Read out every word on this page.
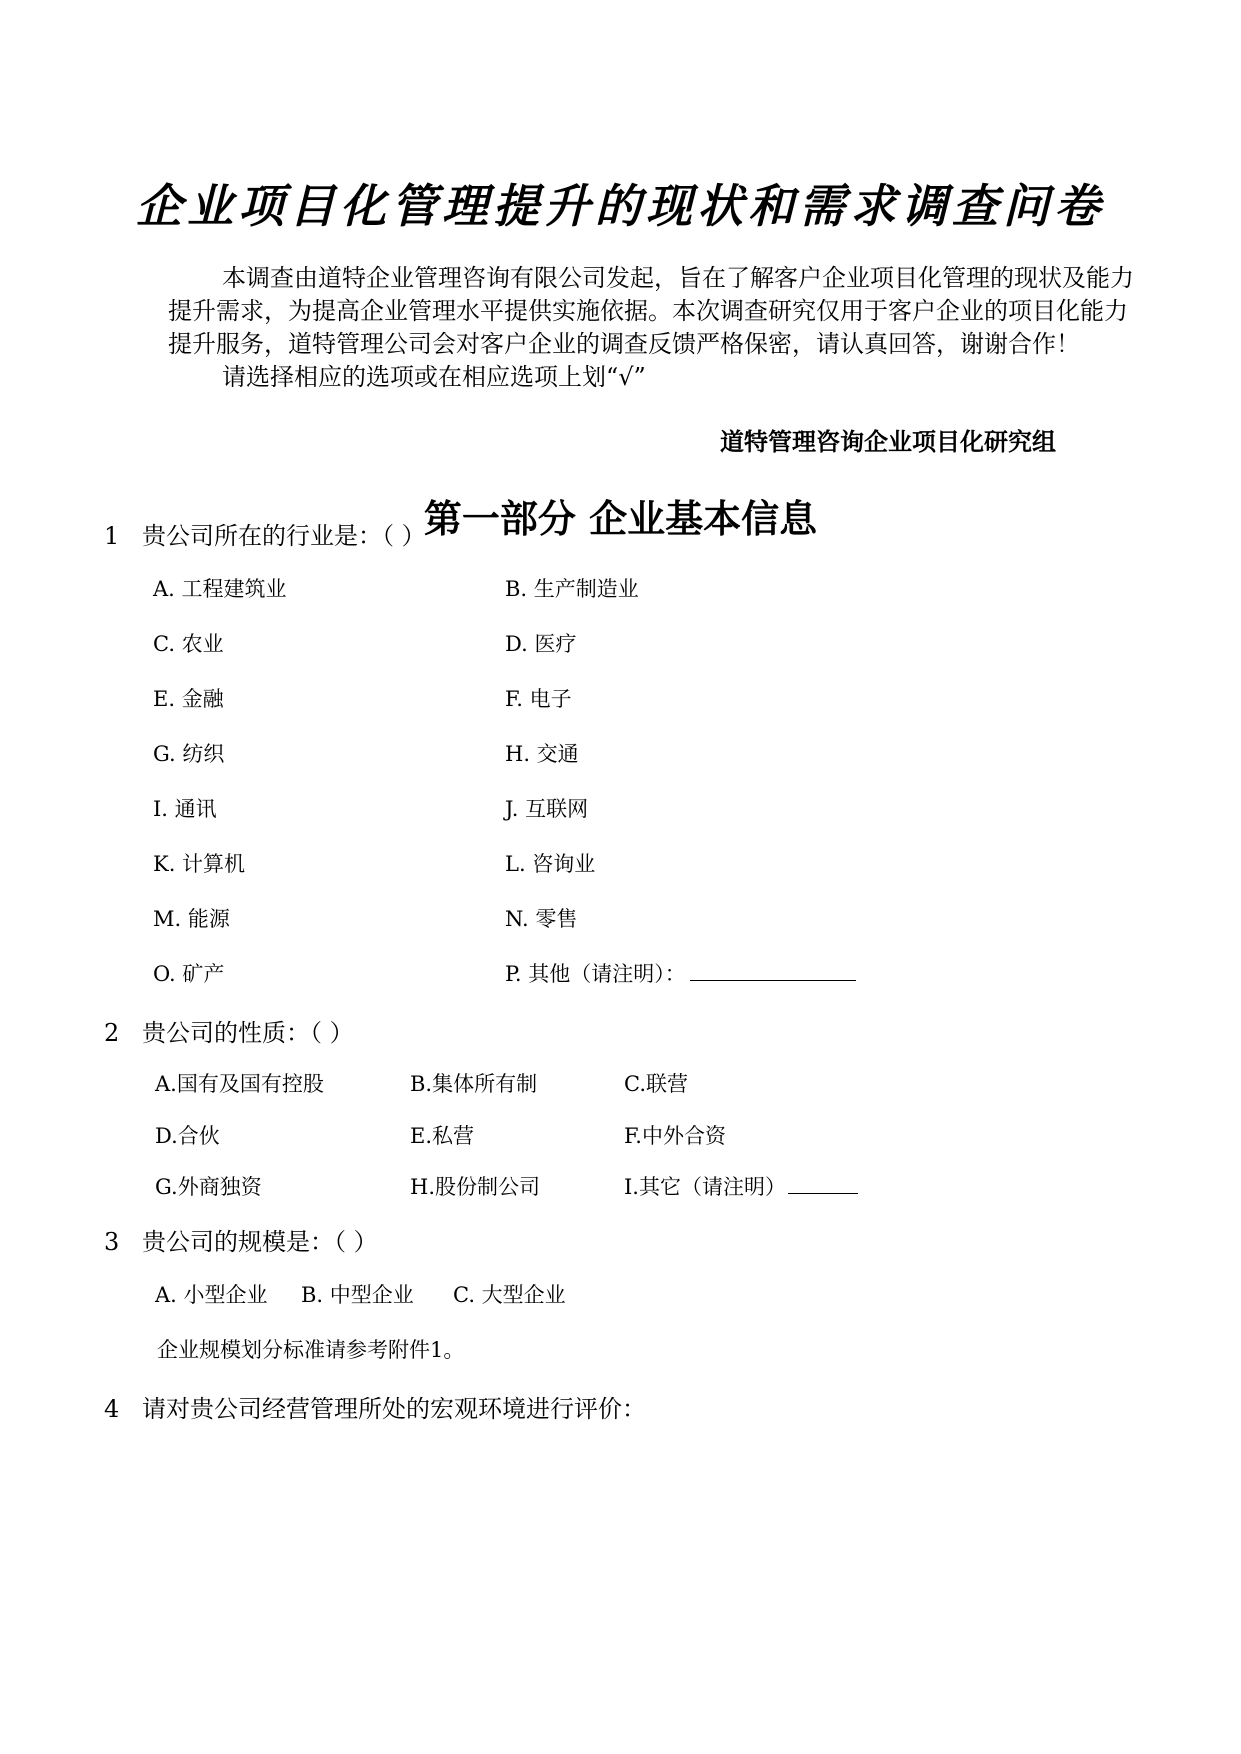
企业项目化管理提升的现状和需求调查问卷

本调查由道特企业管理咨询有限公司发起，旨在了解客户企业项目化管理的现状及能力提升需求，为提高企业管理水平提供实施依据。本次调查研究仅用于客户企业的项目化能力提升服务，道特管理公司会对客户企业的调查反馈严格保密，请认真回答，谢谢合作！

请选择相应的选项或在相应选项上划“√”

道特管理咨询企业项目化研究组
第一部分 企业基本信息
1 贵公司所在的行业是：（ ）
A. 工程建筑业	B. 生产制造业
C. 农业	D. 医疗
E. 金融	F. 电子
G. 纺织	H. 交通
I. 通讯	J. 互联网
K. 计算机	L. 咨询业
M. 能源	N. 零售
O. 矿产	P. 其他（请注明）：
2 贵公司的性质：（ ）
A.国有及国有控股	B.集体所有制	C.联营
D.合伙	E.私营	F.中外合资
G.外商独资	H.股份制公司	I.其它（请注明）
3 贵公司的规模是：（ ）
A. 小型企业 B. 中型企业 C. 大型企业
企业规模划分标准请参考附件1。
4 请对贵公司经营管理所处的宏观环境进行评价：
